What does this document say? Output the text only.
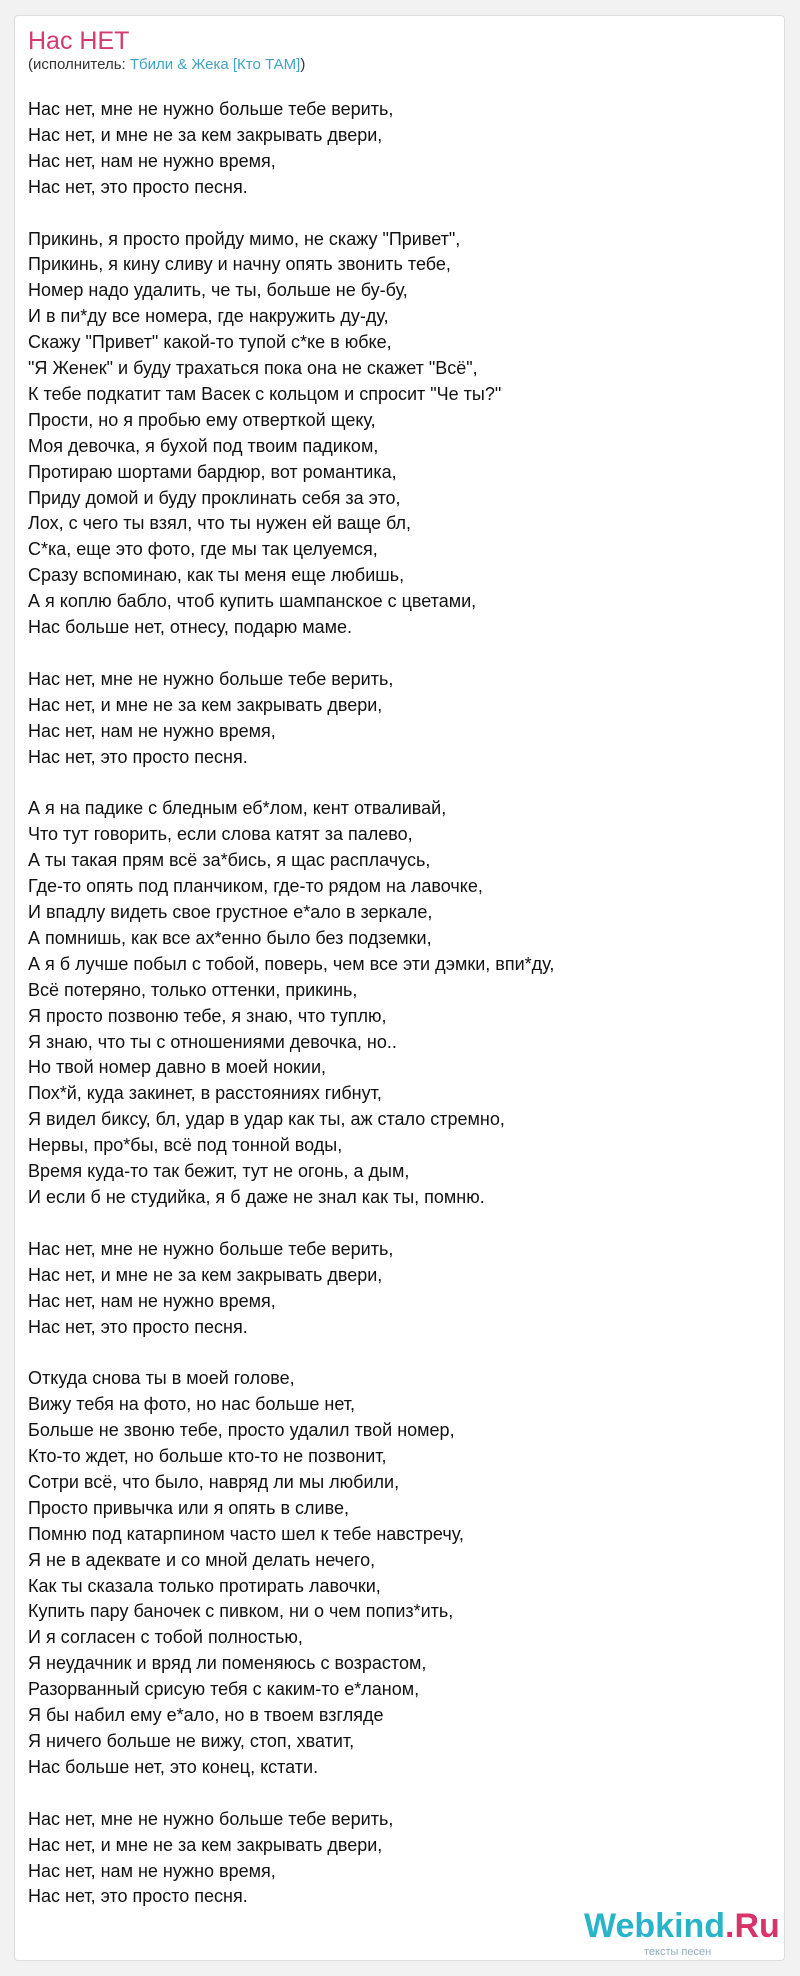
Нас НЕТ

(исполнитель: Тбили & Жека [Кто ТАМ])

Нас нет, мне не нужно больше тебе верить,
Нас нет, и мне не за кем закрывать двери,
Нас нет, нам не нужно время,
Нас нет, это просто песня.
Прикинь, я просто пройду мимо, не скажу "Привет",
Прикинь, я кину сливу и начну опять звонить тебе,
Номер надо удалить, че ты, больше не бу-бу,
И в пи*ду все номера, где накружить ду-ду,
Скажу "Привет" какой-то тупой с*ке в юбке,
"Я Женек" и буду трахаться пока она не скажет "Всё",
К тебе подкатит там Васек с кольцом и спросит "Че ты?"
Прости, но я пробью ему отверткой щеку,
Моя девочка, я бухой под твоим падиком,
Протираю шортами бардюр, вот романтика,
Приду домой и буду проклинать себя за это,
Лох, с чего ты взял, что ты нужен ей ваще бл,
С*ка, еще это фото, где мы так целуемся,
Сразу вспоминаю, как ты меня еще любишь,
А я коплю бабло, чтоб купить шампанское с цветами,
Нас больше нет, отнесу, подарю маме.
Нас нет, мне не нужно больше тебе верить,
Нас нет, и мне не за кем закрывать двери,
Нас нет, нам не нужно время,
Нас нет, это просто песня.
А я на падике с бледным еб*лом, кент отваливай,
Что тут говорить, если слова катят за палево,
А ты такая прям всё за*бись, я щас расплачусь,
Где-то опять под планчиком, где-то рядом на лавочке,
И впадлу видеть свое грустное е*ало в зеркале,
А помнишь, как все ах*енно было без подземки,
А я б лучше побыл с тобой, поверь, чем все эти дэмки, впи*ду,
Всё потеряно, только оттенки, прикинь,
Я просто позвоню тебе, я знаю, что туплю,
Я знаю, что ты с отношениями девочка, но..
Но твой номер давно в моей нокии,
Пох*й, куда закинет, в расстояниях гибнут,
Я видел биксу, бл, удар в удар как ты, аж стало стремно,
Нервы, про*бы, всё под тонной воды,
Время куда-то так бежит, тут не огонь, а дым,
И если б не студийка, я б даже не знал как ты, помню.
Нас нет, мне не нужно больше тебе верить,
Нас нет, и мне не за кем закрывать двери,
Нас нет, нам не нужно время,
Нас нет, это просто песня.
Откуда снова ты в моей голове,
Вижу тебя на фото, но нас больше нет,
Больше не звоню тебе, просто удалил твой номер,
Кто-то ждет, но больше кто-то не позвонит,
Сотри всё, что было, навряд ли мы любили,
Просто привычка или я опять в сливе,
Помню под катарпином часто шел к тебе навстречу,
Я не в адеквате и со мной делать нечего,
Как ты сказала только протирать лавочки,
Купить пару баночек с пивком, ни о чем попиз*ить,
И я согласен с тобой полностью,
Я неудачник и вряд ли поменяюсь с возрастом,
Разорванный срисую тебя с каким-то е*ланом,
Я бы набил ему е*ало, но в твоем взгляде
Я ничего больше не вижу, стоп, хватит,
Нас больше нет, это конец, кстати.
Нас нет, мне не нужно больше тебе верить,
Нас нет, и мне не за кем закрывать двери,
Нас нет, нам не нужно время,
Нас нет, это просто песня.
Webkind.Ru
тексты песен
